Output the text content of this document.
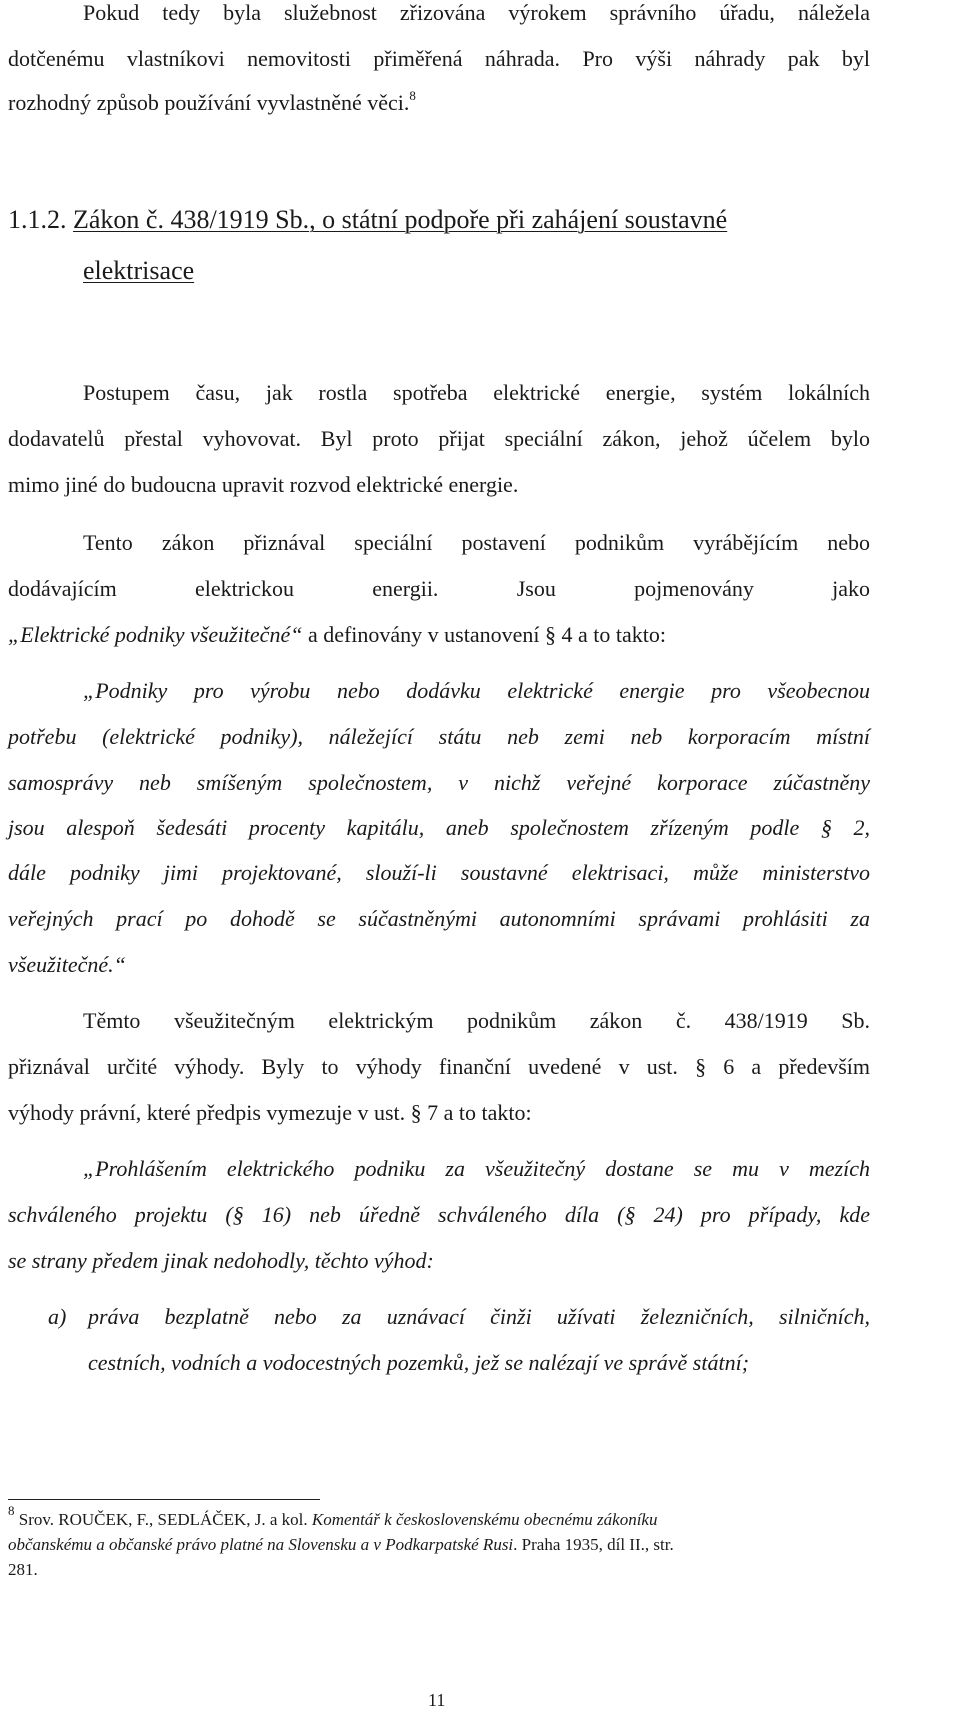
Pokud tedy byla služebnost zřizována výrokem správního úřadu, náležela
dotčenému vlastníkovi nemovitosti přiměřená náhrada. Pro výši náhrady pak byl
rozhodný způsob používání vyvlastněné věci.$^8$
1.1.2. Zákon č. 438/1919 Sb., o státní podpoře při zahájení soustavné
elektrisace
Postupem času, jak rostla spotřeba elektrické energie, systém lokálních
dodavatelů přestal vyhovovat. Byl proto přijat speciální zákon, jehož účelem bylo
mimo jiné do budoucna upravit rozvod elektrické energie.
Tento zákon přiznával speciální postavení podnikům vyrábějícím nebo
dodávajícím elektrickou energii. Jsou pojmenovány jako
„Elektrické podniky všeužitečné“ a definovány v ustanovení § 4 a to takto:
„Podniky pro výrobu nebo dodávku elektrické energie pro všeobecnou
potřebu (elektrické podniky), náležející státu neb zemi neb korporacím místní
samosprávy neb smíšeným společnostem, v nichž veřejné korporace zúčastněny
jsou alespoň šedesáti procenty kapitálu, aneb společnostem zřízeným podle § 2,
dále podniky jimi projektované, slouží-li soustavné elektrisaci, může ministerstvo
veřejných prací po dohodě se súčastněnými autonomními správami prohlásiti za
všeužitečné.“
Těmto všeužitečným elektrickým podnikům zákon č. 438/1919 Sb.
přiznával určité výhody. Byly to výhody finanční uvedené v ust. § 6 a především
výhody právní, které předpis vymezuje v ust. § 7 a to takto:
„Prohlášením elektrického podniku za všeužitečný dostane se mu v mezích
schváleného projektu (§ 16) neb úředně schváleného díla (§ 24) pro případy, kde
se strany předem jinak nedohodly, těchto výhod:
a) práva bezplatně nebo za uznávací činži užívati železničních, silničních,
cestních, vodních a vodocestných pozemků, jež se nalézají ve správě státní;
$^8$ Srov. ROUČEK, F., SEDLÁČEK, J. a kol. Komentář k československému obecnému zákoníku
občanskému a občanské právo platné na Slovensku a v Podkarpatské Rusi. Praha 1935, díl II., str.
281.
11
